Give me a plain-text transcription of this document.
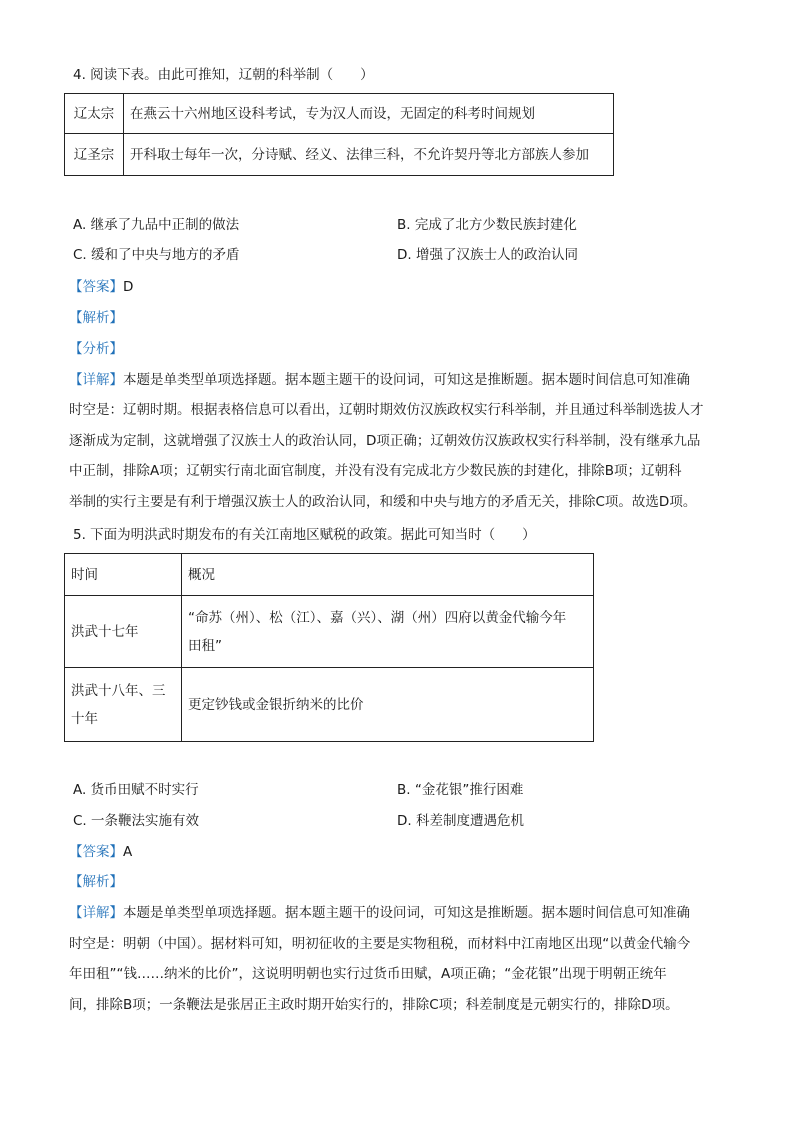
4. 阅读下表。由此可推知，辽朝的科举制（　　）
辽太宗	在燕云十六州地区设科考试，专为汉人而设，无固定的科考时间规划
辽圣宗	开科取士每年一次，分诗赋、经义、法律三科，不允许契丹等北方部族人参加
A. 继承了九品中正制的做法	B. 完成了北方少数民族封建化
C. 缓和了中央与地方的矛盾	D. 增强了汉族士人的政治认同
【答案】D
【解析】
【分析】
【详解】本题是单类型单项选择题。据本题主题干的设问词，可知这是推断题。据本题时间信息可知准确
时空是：辽朝时期。根据表格信息可以看出，辽朝时期效仿汉族政权实行科举制，并且通过科举制选拔人才
逐渐成为定制，这就增强了汉族士人的政治认同，D项正确；辽朝效仿汉族政权实行科举制，没有继承九品
中正制，排除A项；辽朝实行南北面官制度，并没有没有完成北方少数民族的封建化，排除B项；辽朝科
举制的实行主要是有利于增强汉族士人的政治认同，和缓和中央与地方的矛盾无关，排除C项。故选D项。
5. 下面为明洪武时期发布的有关江南地区赋税的政策。据此可知当时（　　）
时间	概况
洪武十七年	“命苏（州）、松（江）、嘉（兴）、湖（州）四府以黄金代输今年
田租”

洪武十八年、三
十年	更定钞钱或金银折纳米的比价
A. 货币田赋不时实行	B. “金花银”推行困难
C. 一条鞭法实施有效	D. 科差制度遭遇危机
【答案】A
【解析】
【详解】本题是单类型单项选择题。据本题主题干的设问词，可知这是推断题。据本题时间信息可知准确
时空是：明朝（中国）。据材料可知，明初征收的主要是实物租税，而材料中江南地区出现“以黄金代输今
年田租”“钱……纳米的比价”，这说明明朝也实行过货币田赋，A项正确；“金花银”出现于明朝正统年
间，排除B项；一条鞭法是张居正主政时期开始实行的，排除C项；科差制度是元朝实行的，排除D项。
